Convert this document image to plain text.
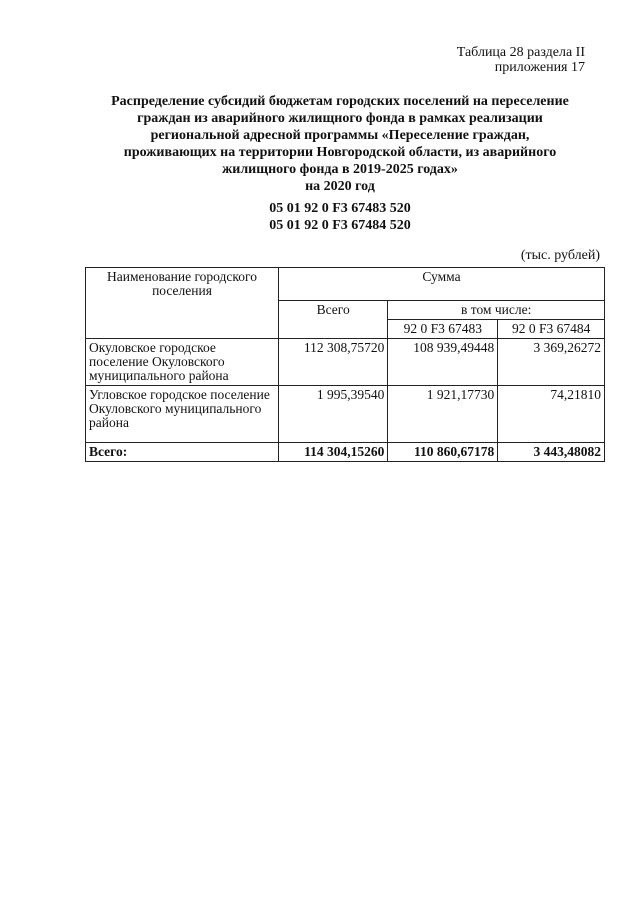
Таблица 28 раздела II
приложения 17
Распределение субсидий бюджетам городских поселений на переселение
граждан из аварийного жилищного фонда в рамках реализации
региональной адресной программы «Переселение граждан,
проживающих на территории Новгородской области, из аварийного
жилищного фонда в 2019-2025 годах»
на 2020 год
05 01 92 0 F3 67483 520
05 01 92 0 F3 67484 520
(тыс. рублей)
Наименование городского поселения	Сумма		
	Всего	в том числе:	
		92 0 F3 67483	92 0 F3 67484
Окуловское городское поселение Окуловского муниципального района	112 308,75720	108 939,49448	3 369,26272
Угловское городское поселение Окуловского муниципального района	1 995,39540	1 921,17730	74,21810
Всего:	114 304,15260	110 860,67178	3 443,48082
